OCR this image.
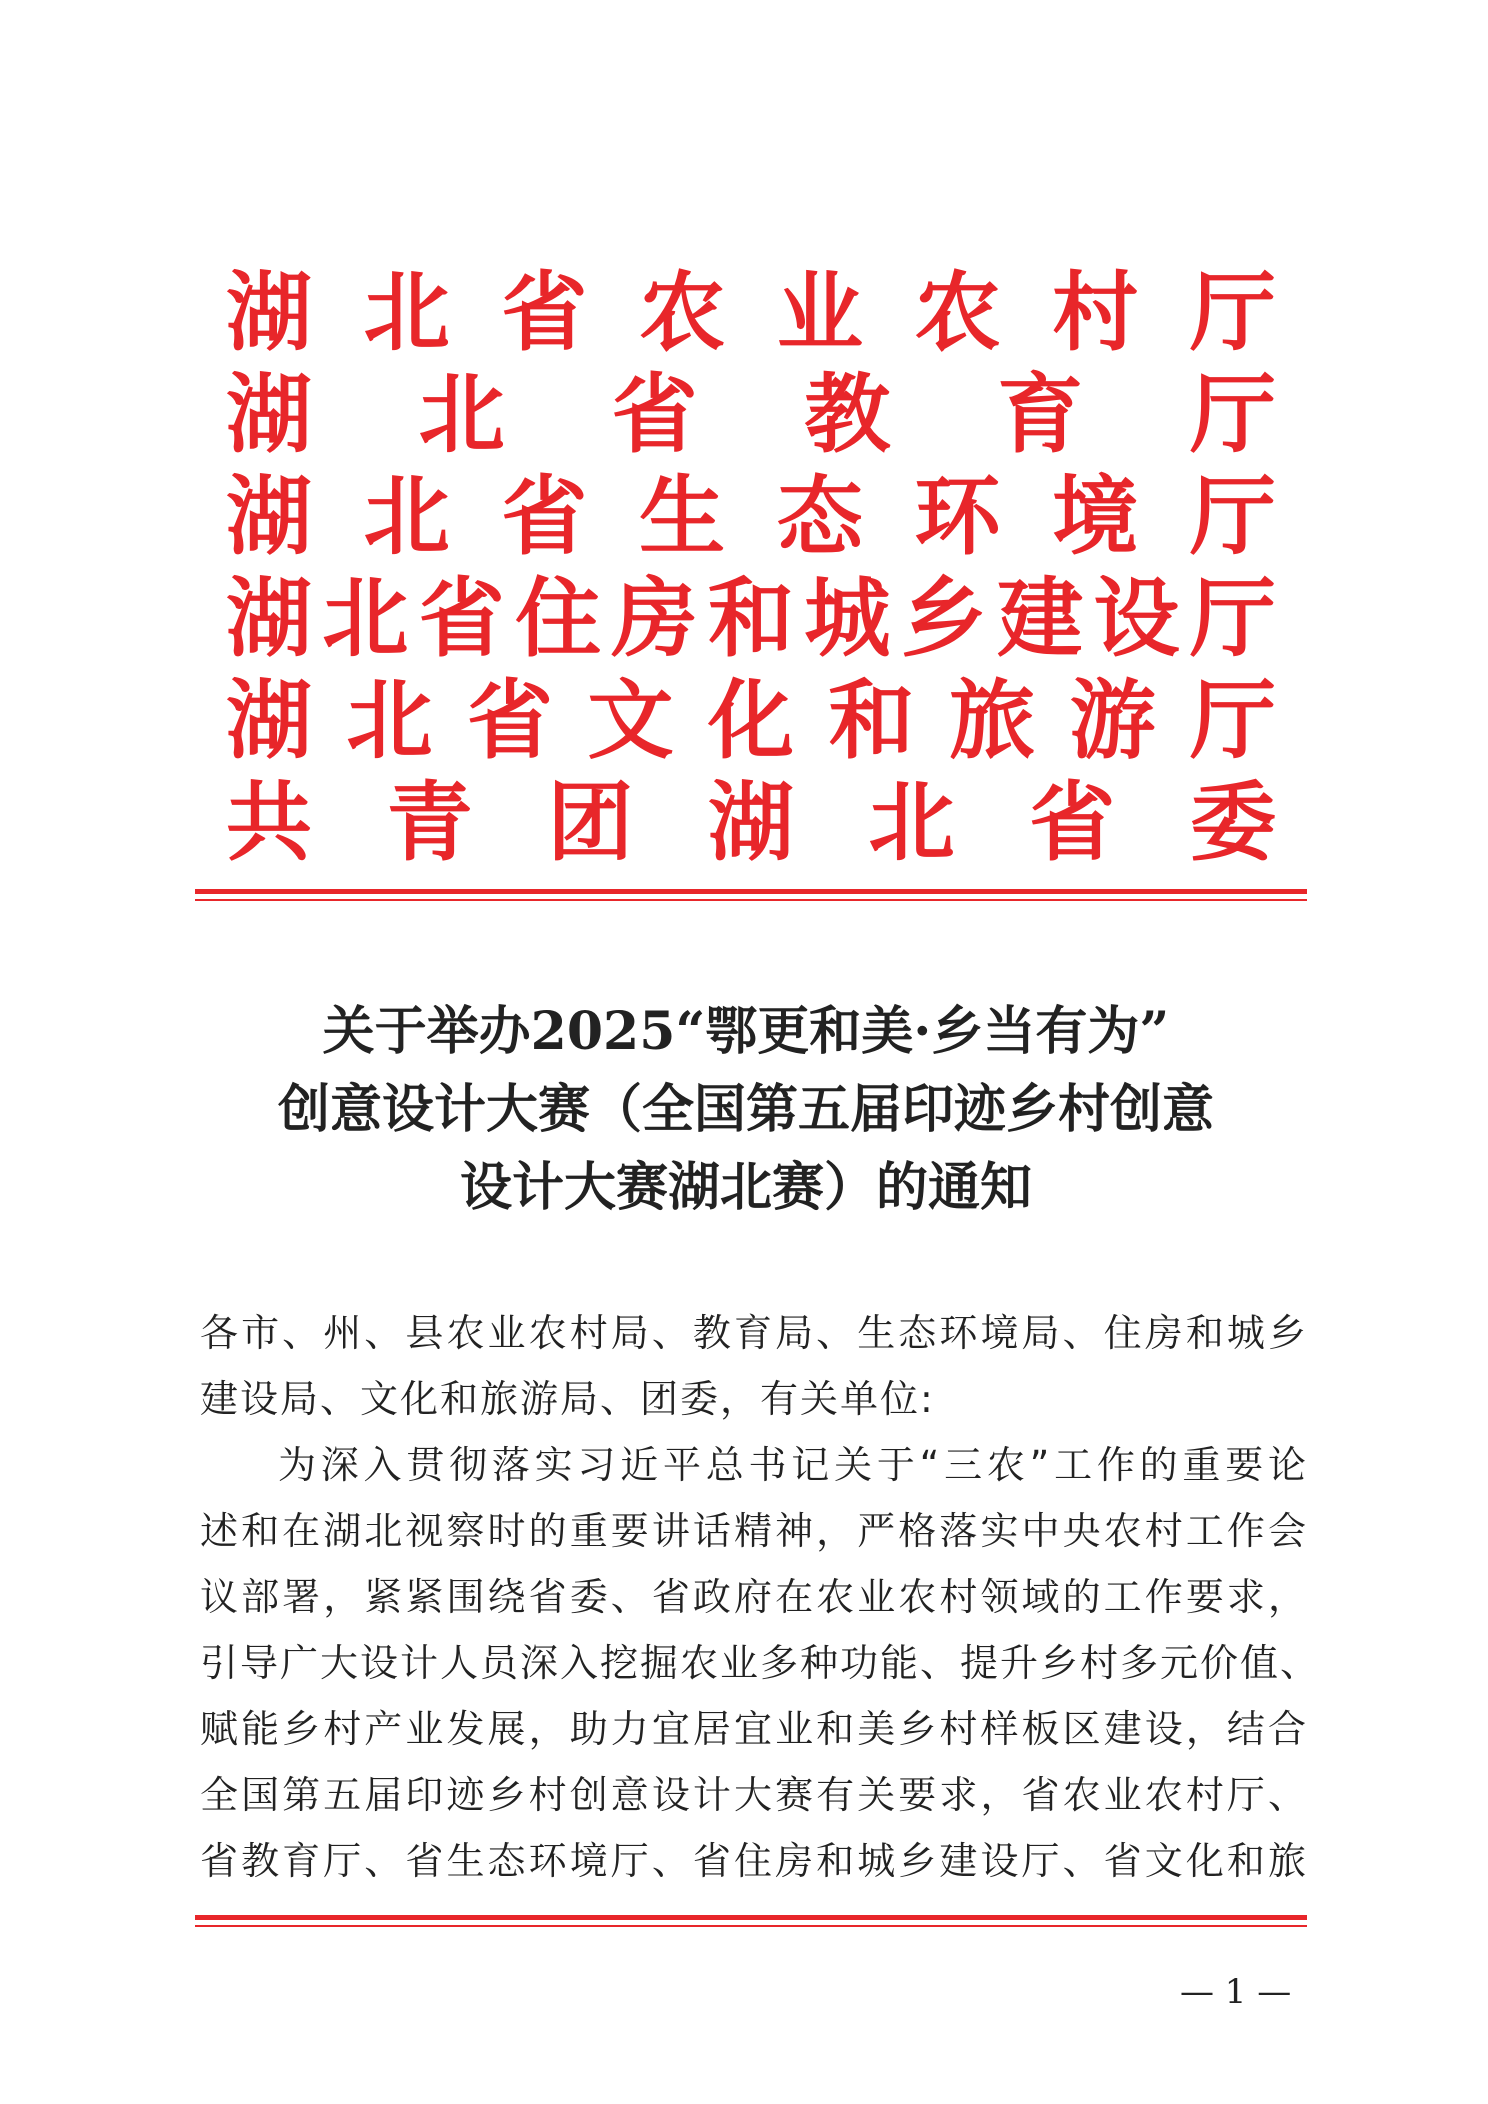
湖 北 省 农 业 农 村 厅
湖 北 省 教 育 厅
湖 北 省 生 态 环 境 厅
湖 北 省 住 房 和 城 乡 建 设 厅
湖 北 省 文 化 和 旅 游 厅
共 青 团 湖 北 省 委
关于举办2025“鄂更和美·乡当有为”
创意设计大赛（全国第五届印迹乡村创意
设计大赛湖北赛）的通知
各市、州、县农业农村局、教育局、生态环境局、住房和城乡
建设局、文化和旅游局、团委，有关单位:
为深入贯彻落实习近平总书记关于“三农”工作的重要论
述和在湖北视察时的重要讲话精神，严格落实中央农村工作会
议部署，紧紧围绕省委、省政府在农业农村领域的工作要求，
引导广大设计人员深入挖掘农业多种功能、提升乡村多元价值、
赋能乡村产业发展，助力宜居宜业和美乡村样板区建设，结合
全国第五届印迹乡村创意设计大赛有关要求，省农业农村厅、
省教育厅、省生态环境厅、省住房和城乡建设厅、省文化和旅
— 1 —
